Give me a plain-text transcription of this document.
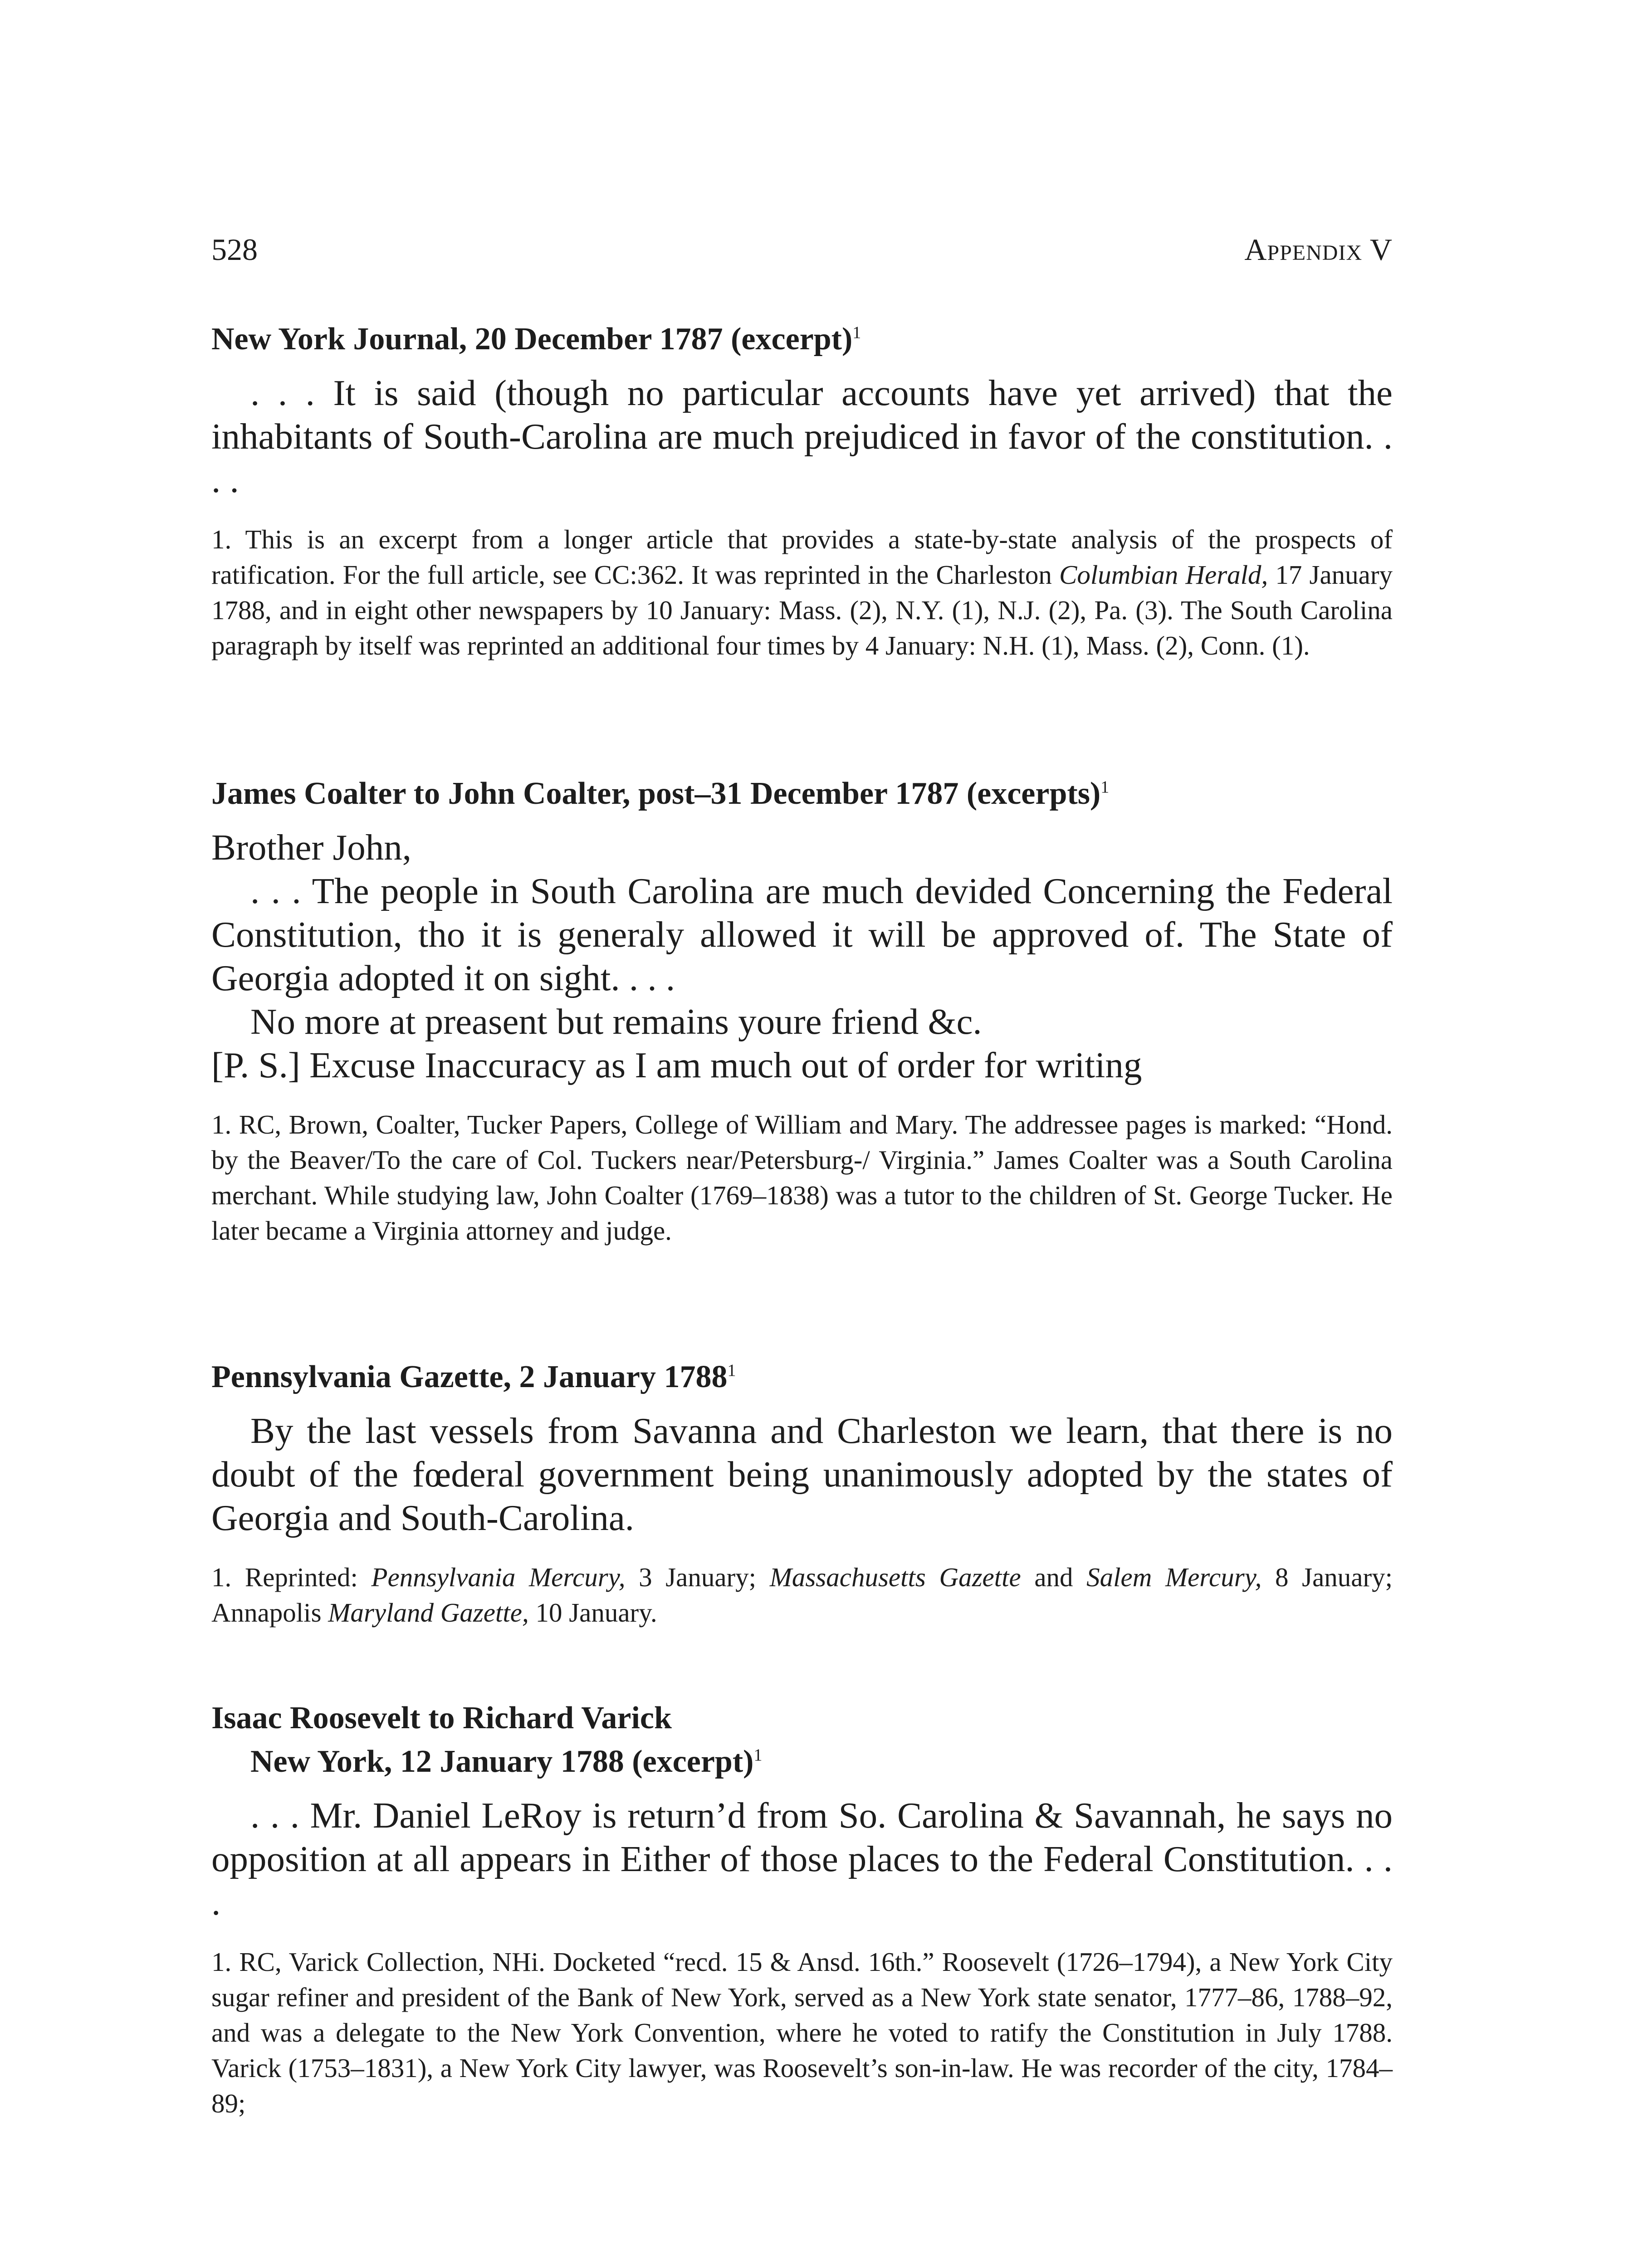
528	Appendix V

New York Journal, 20 December 1787 (excerpt)$^1$

. . . It is said (though no particular accounts have yet arrived) that the inhabitants of South-Carolina are much prejudiced in favor of the constitution. . . .

1. This is an excerpt from a longer article that provides a state-by-state analysis of the prospects of ratification. For the full article, see CC:362. It was reprinted in the Charleston Columbian Herald, 17 January 1788, and in eight other newspapers by 10 January: Mass. (2), N.Y. (1), N.J. (2), Pa. (3). The South Carolina paragraph by itself was reprinted an additional four times by 4 January: N.H. (1), Mass. (2), Conn. (1).

James Coalter to John Coalter, post–31 December 1787 (excerpts)$^1$

Brother John,

. . . The people in South Carolina are much devided Concerning the Federal Constitution, tho it is generaly allowed it will be approved of. The State of Georgia adopted it on sight. . . .

No more at preasent but remains youre friend &c.

[P. S.] Excuse Inaccuracy as I am much out of order for writing

1. RC, Brown, Coalter, Tucker Papers, College of William and Mary. The addressee pages is marked: “Hond. by the Beaver/To the care of Col. Tuckers near/Petersburg-/ Virginia.” James Coalter was a South Carolina merchant. While studying law, John Coalter (1769–1838) was a tutor to the children of St. George Tucker. He later became a Virginia attorney and judge.

Pennsylvania Gazette, 2 January 1788$^1$

By the last vessels from Savanna and Charleston we learn, that there is no doubt of the fœderal government being unanimously adopted by the states of Georgia and South-Carolina.

1. Reprinted: Pennsylvania Mercury, 3 January; Massachusetts Gazette and Salem Mercury, 8 January; Annapolis Maryland Gazette, 10 January.

Isaac Roosevelt to Richard Varick
New York, 12 January 1788 (excerpt)$^1$

. . . Mr. Daniel LeRoy is return’d from So. Carolina & Savannah, he says no opposition at all appears in Either of those places to the Federal Constitution. . . .

1. RC, Varick Collection, NHi. Docketed “recd. 15 & Ansd. 16th.” Roosevelt (1726–1794), a New York City sugar refiner and president of the Bank of New York, served as a New York state senator, 1777–86, 1788–92, and was a delegate to the New York Convention, where he voted to ratify the Constitution in July 1788. Varick (1753–1831), a New York City lawyer, was Roosevelt’s son-in-law. He was recorder of the city, 1784–89;
